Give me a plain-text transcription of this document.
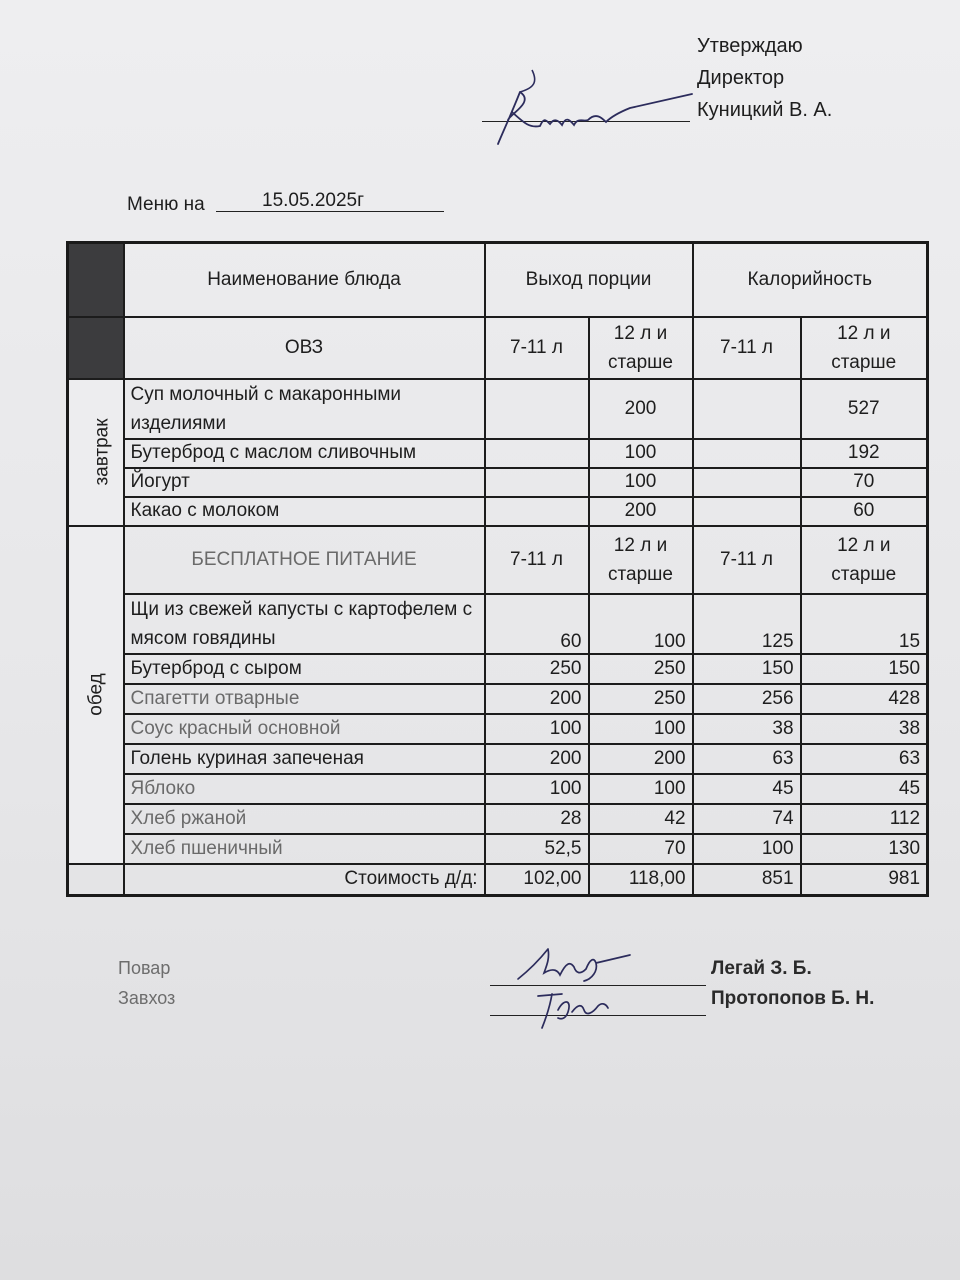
Утверждаю
Директор
Куницкий В. А.
Меню на	15.05.2025г
	Наименование блюда	Выход порции		Калорийность	
	ОВЗ	7-11 л	12 л и старше	7-11 л	12 л и старше
завтрак	Суп молочный с макаронными изделиями		200		527
	Бутерброд с маслом сливочным		100		192
	Йогурт		100		70
	Какао с молоком		200		60
обед	БЕСПЛАТНОЕ ПИТАНИЕ	7-11 л	12 л и старше	7-11 л	12 л и старше
	Щи из свежей капусты с картофелем с мясом говядины	60	100	125	15
	Бутерброд с сыром	250	250	150	150
	Спагетти отварные	200	250	256	428
	Соус красный основной	100	100	38	38
	Голень куриная запеченая	200	200	63	63
	Яблоко	100	100	45	45
	Хлеб ржаной	28	42	74	112
	Хлеб пшеничный	52,5	70	100	130
	Стоимость д/д:	102,00	118,00	851	981
Повар
Завхоз
Легай З. Б.
Протопопов Б. Н.
